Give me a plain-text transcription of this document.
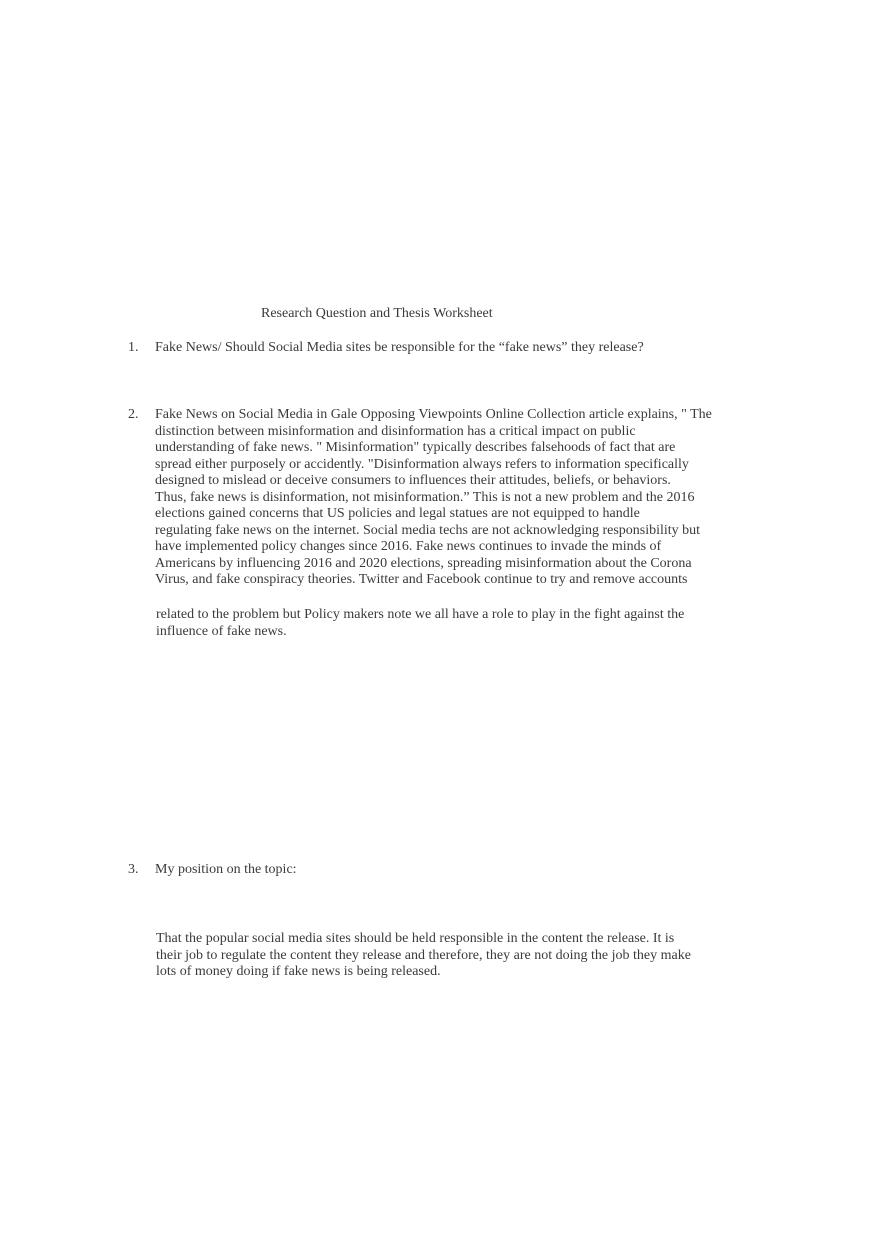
Research Question and Thesis Worksheet
1.	Fake News/ Should Social Media sites be responsible for the “fake news” they release?
2.	Fake News on Social Media in Gale Opposing Viewpoints Online Collection article explains, " The
distinction between misinformation and disinformation has a critical impact on public
understanding of fake news. " Misinformation" typically describes falsehoods of fact that are
spread either purposely or accidently. "Disinformation always refers to information specifically
designed to mislead or deceive consumers to influences their attitudes, beliefs, or behaviors.
Thus, fake news is disinformation, not misinformation.” This is not a new problem and the 2016
elections gained concerns that US policies and legal statues are not equipped to handle
regulating fake news on the internet. Social media techs are not acknowledging responsibility but
have implemented policy changes since 2016. Fake news continues to invade the minds of
Americans by influencing 2016 and 2020 elections, spreading misinformation about the Corona
Virus, and fake conspiracy theories. Twitter and Facebook continue to try and remove accounts
related to the problem but Policy makers note we all have a role to play in the fight against the
influence of fake news.
3.	My position on the topic:
That the popular social media sites should be held responsible in the content the release. It is
their job to regulate the content they release and therefore, they are not doing the job they make
lots of money doing if fake news is being released.
